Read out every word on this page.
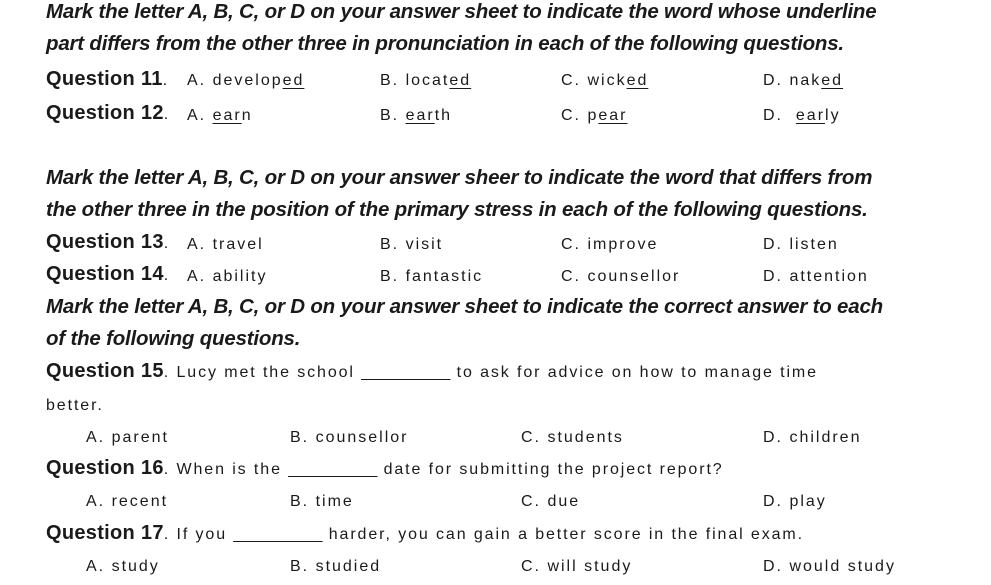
Mark the letter A, B, C, or D on your answer sheet to indicate the word whose underline
part differs from the other three in pronunciation in each of the following questions.
Question 11. A. developed	B. located	C. wicked	D. naked
Question 12. A. earn	B. earth	C. pear	D.  early
Mark the letter A, B, C, or D on your answer sheer to indicate the word that differs from
the other three in the position of the primary stress in each of the following questions.
Question 13. A. travel	B. visit	C. improve	D. listen
Question 14. A. ability	B. fantastic	C. counsellor	D. attention
Mark the letter A, B, C, or D on your answer sheet to indicate the correct answer to each
of the following questions.
Question 15. Lucy met the school __________ to ask for advice on how to manage time
better.
A. parent	B. counsellor	C. students	D. children
Question 16. When is the __________ date for submitting the project report?
A. recent	B. time	C. due	D. play
Question 17. If you __________ harder, you can gain a better score in the final exam.
A. study	B. studied	C. will study	D. would study
